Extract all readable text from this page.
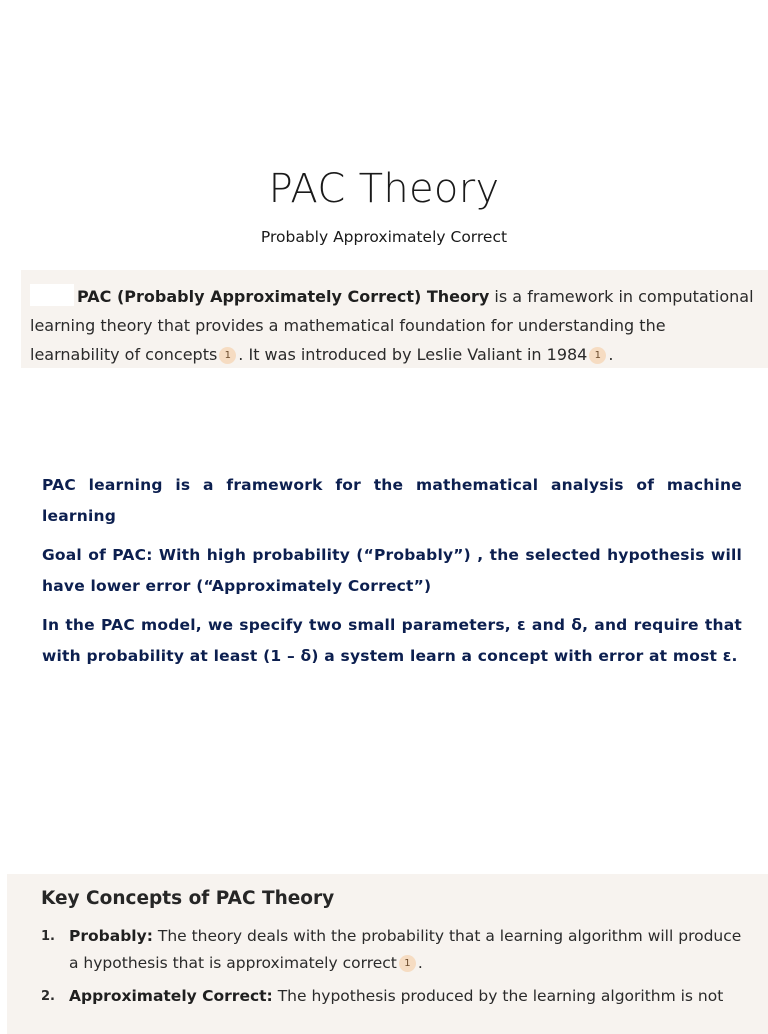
PAC Theory
Probably Approximately Correct
PAC (Probably Approximately Correct) Theory is a framework in computational learning theory that provides a mathematical foundation for understanding the learnability of concepts 1 . It was introduced by Leslie Valiant in 1984 1 .

PAC learning is a framework for the mathematical analysis of machine learning

Goal of PAC: With high probability (“Probably”) , the selected hypothesis will have lower error (“Approximately Correct”)

In the PAC model, we specify two small parameters, ε and δ, and require that with probability at least (1 – δ) a system learn a concept with error at most ε.

Key Concepts of PAC Theory
1. Probably: The theory deals with the probability that a learning algorithm will produce a hypothesis that is approximately correct 1 .
2. Approximately Correct: The hypothesis produced by the learning algorithm is not
